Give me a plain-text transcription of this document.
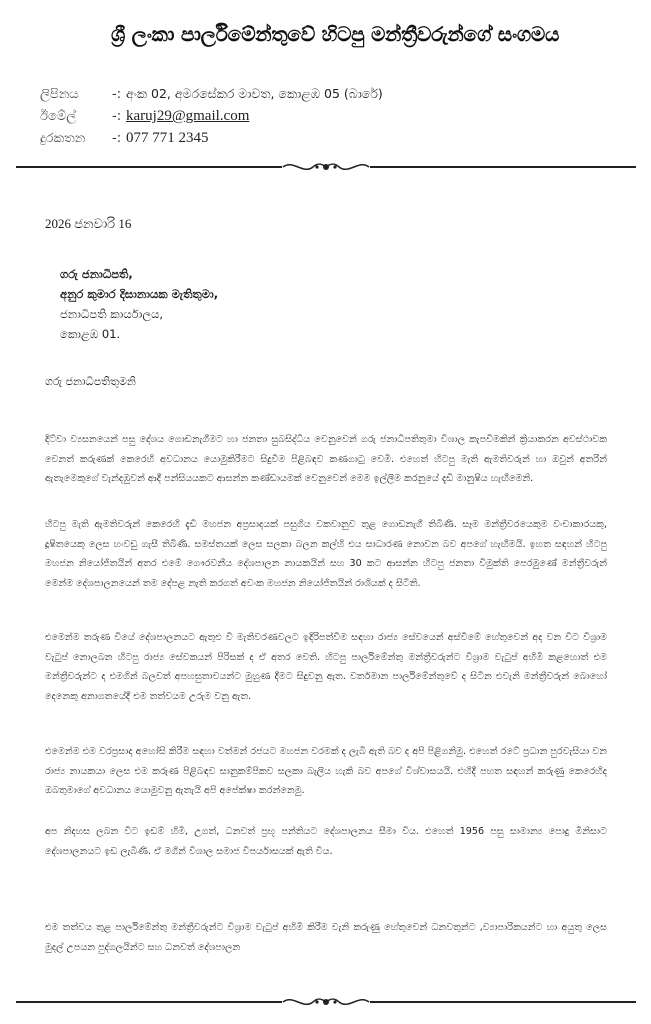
ශ්‍රී ලංකා පාර්ලිමේන්තුවේ හිටපු මන්ත්‍රීවරුන්ගේ සංගමය
ලිපිනය	-: අංක 02, අමරසේකර මාවත, කොළඹ 05 (බාරේ)
ඊමේල්	-: karuj29@gmail.com
දුරකතන -: 077 771 2345
2026 ජනවාරි 16
ගරු ජනාධිපති,
අනුර කුමාර දිසානායක මැතිතුමා,
ජනාධිපති කාර්යාලය,
කොළඹ 01.
ගරු ජනාධිපතිතුමනි
දිට්වා ව්‍යසනයෙන් පසු දේශය ගොඩනැගීමට හා ජනතා සුබසිද්ධිය වෙනුවෙන් ගරු ජනාධිපතිතුමා විශාල කැපවීමකින් ක්‍රියාකරන අවස්ථාවක වෙනත් කරුණක් කෙරෙහි අවධානය යොමුකිරීමට සිදුවීම පිළිබඳව කණගාටු වෙමි. එහෙත් හිටපු මැති ඇමතිවරුන් හා ඔවුන් අතරින් ඇතැමෙකුගේ වැන්දඹුවන් ආදී පන්සියයකට ආසන්න කණ්ඩායමක් වෙනුවෙන් මෙම ඉල්ලීම කරනුයේ දැඩි මානුෂිය හැඟීමෙනි.
හිටපු මැති ඇමතිවරුන් කෙරෙහි දැඩි මහජන අප්‍රසාදයක් පසුගිය වකවානුව තුළ ගොඩනැගී තිබිණි. සෑම මන්ත්‍රීවරයෙකුම වංචාකාරයකු, දූෂිතයෙකු ලෙස හංවඩු ගැසී තිබිණි. සමස්තයක් ලෙස සලකා බලන කල්හි එය සාධාරණ නොවන බව අපගේ හැඟීමයි. ඉහත සඳහන් හිටපු මහජන නියෝජිතයින් අතර එමේ ගෞරවනීය දේශපාලන නායකයින් සහ 30 කට ආසන්න හිටපු ජනතා විමුක්ති පෙරමුණේ මන්ත්‍රීවරුන් මෙන්ම දේශපාලනයෙන් තම දේපළ නැති කරගත් අවංක මහජන නියෝජිතයින් රාශියක් ද සිටිති.
එමෙන්ම තරුණ වියේ දේශපාලනයට ඇතුළු වී මැතිවරණවලට ඉදිරිපත්වීම සඳහා රාජ්‍ය සේවයෙන් අස්වීමේ හේතුවෙන් අද වන විට විශ්‍රාම වැටුප් නොලබන හිටපු රාජ්‍ය සේවකයන් පිරිසක් ද ඒ අතර වෙති. හිටපු පාර්ලිමේන්තු මන්ත්‍රීවරුන්ට විශ්‍රාම වැටුප් අහිමි කළහොත් එම මන්ත්‍රීවරුන්ට ද එමගින් බලවත් අපහසුතාවයන්ට මුහුණ දීමට සිදුවනු ඇත. වර්තමාන පාර්ලිමේන්තුවේ ද සිටින එවැනි මන්ත්‍රීවරුන් බොහෝ දෙනෙකු අනාගතයේදී එම තත්වයම උරුම වනු ඇත.
එමෙන්ම එම වරප්‍රසාද අහෝසි කිරීම සඳහා වත්මන් රජයට මහජන වරමක් ද ලැබී ඇති බව ද අපි පිළිගනිමු. එහෙත් රටේ ප්‍රධාන පුරවැසියා වන රාජ්‍ය නායකයා ලෙස එම කරුණ පිළිබඳව සානුකම්පිකව සලකා බැලිය හැකි බව අපගේ විශ්වාසයයි. එහිදී පහත සඳහන් කරුණු කෙරෙහිද ඔබතුමාගේ අවධානය යොමුවනු ඇතැයි අපි අපේක්ෂා කරන්නෙමු.
අප නිදහස ලබන විට ඉඩම් හිමි, උගත්, ධනවත් ප්‍රභූ පන්තියට දේශපාලනය සීමා විය. එහෙත් 1956 පසු සාමාන්‍ය පොදු මිනිසාට දේශපාලනයට ඉඩ ලැබිණි. ඒ මගින් විශාල සමාජ විපර්යාසයක් ඇති විය.
එම තත්වය තුළ පාර්ලිමේන්තු මන්ත්‍රීවරුන්ට විශ්‍රාම වැටුප් අහිමි කිරීම වැනි කරුණු හේතුවෙන් ධනවතුන්ට ,ව්‍යාපාරිකයන්ට හා අයුතු ලෙස මුදල් උපයන පුද්ගලයින්ට සහ ධනවත් දේශපාලන
